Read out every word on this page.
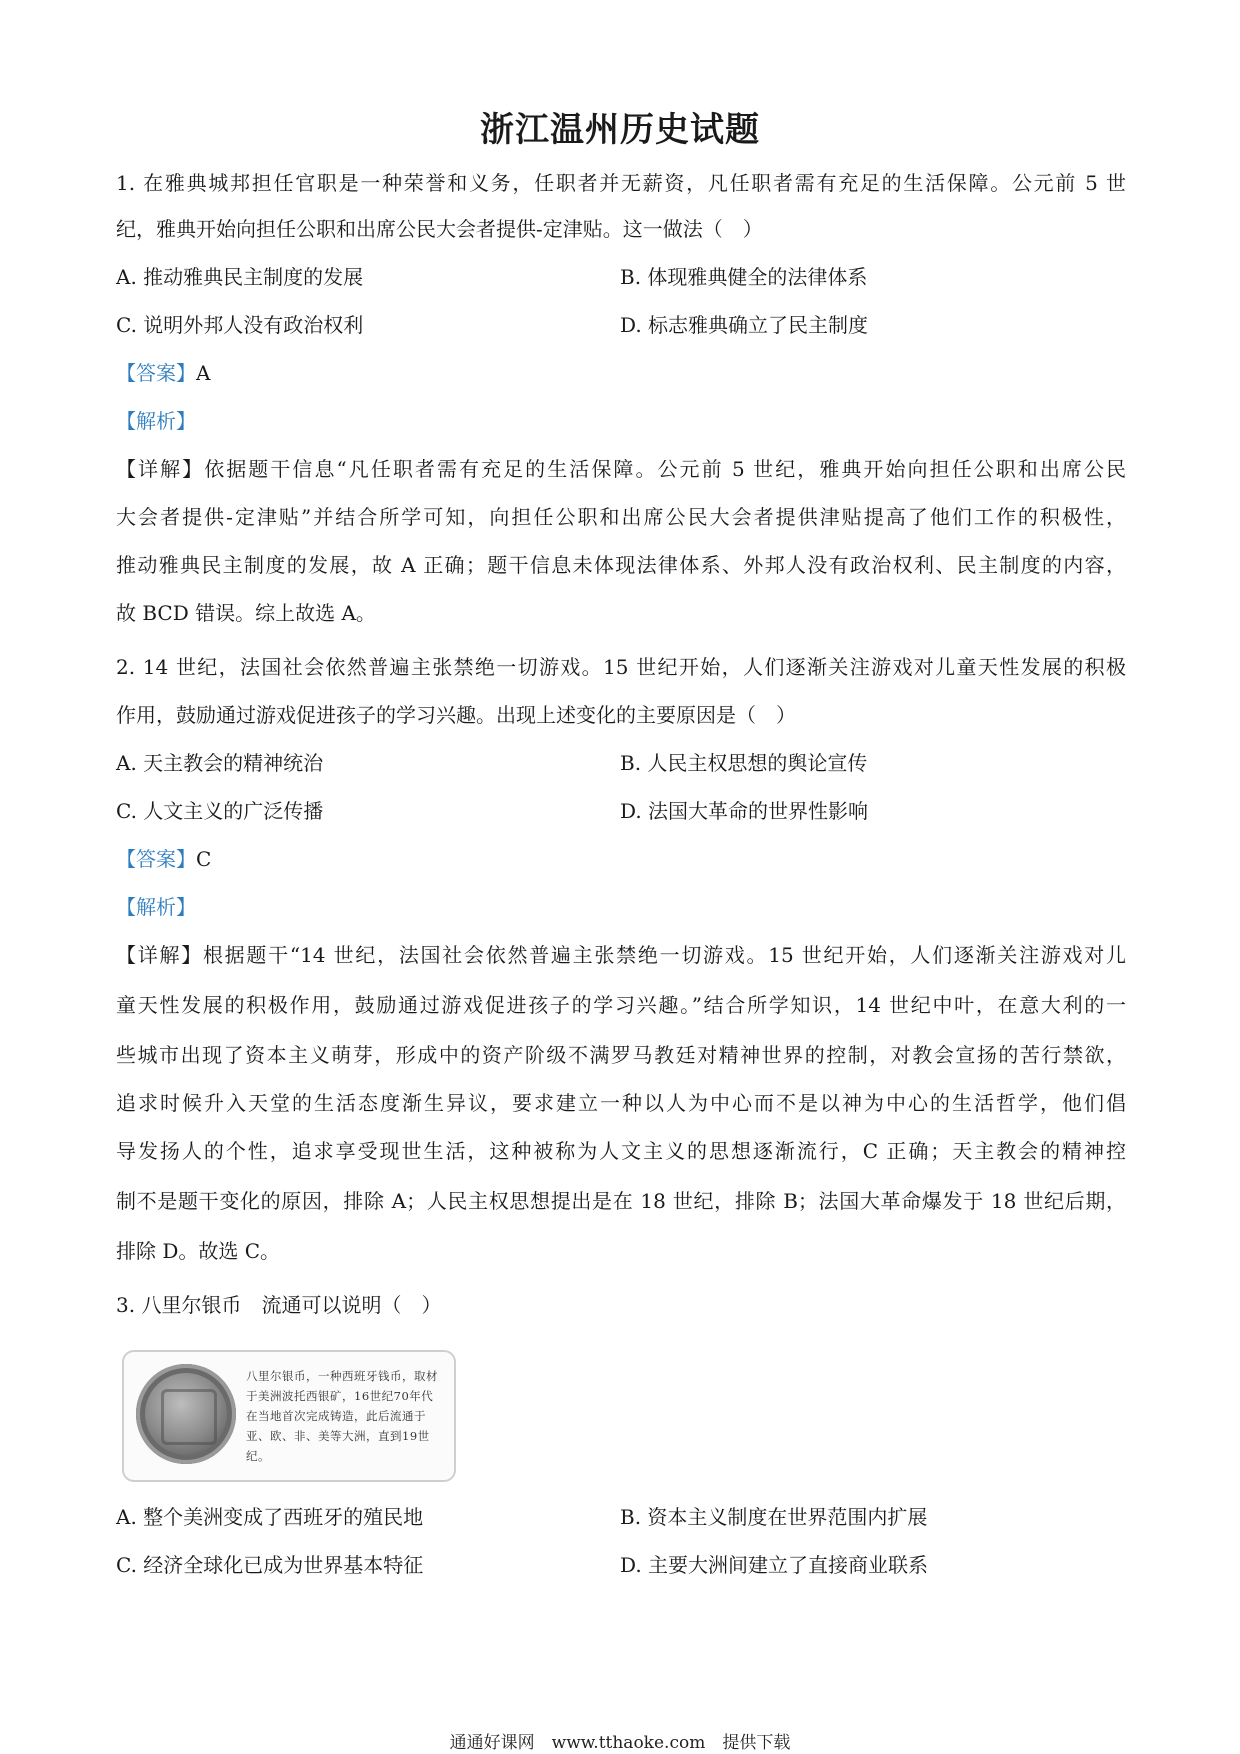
浙江温州历史试题
1. 在雅典城邦担任官职是一种荣誉和义务，任职者并无薪资，凡任职者需有充足的生活保障。公元前 5 世
纪，雅典开始向担任公职和出席公民大会者提供-定津贴。这一做法（　）
A. 推动雅典民主制度的发展	B. 体现雅典健全的法律体系
C. 说明外邦人没有政治权利	D. 标志雅典确立了民主制度
【答案】A
【解析】
【详解】依据题干信息“凡任职者需有充足的生活保障。公元前 5 世纪，雅典开始向担任公职和出席公民
大会者提供-定津贴”并结合所学可知，向担任公职和出席公民大会者提供津贴提高了他们工作的积极性，
推动雅典民主制度的发展，故 A 正确；题干信息未体现法律体系、外邦人没有政治权利、民主制度的内容，
故 BCD 错误。综上故选 A。
2. 14 世纪，法国社会依然普遍主张禁绝一切游戏。15 世纪开始，人们逐渐关注游戏对儿童天性发展的积极
作用，鼓励通过游戏促进孩子的学习兴趣。出现上述变化的主要原因是（　）
A. 天主教会的精神统治	B. 人民主权思想的舆论宣传
C. 人文主义的广泛传播	D. 法国大革命的世界性影响
【答案】C
【解析】
【详解】根据题干“14 世纪，法国社会依然普遍主张禁绝一切游戏。15 世纪开始，人们逐渐关注游戏对儿
童天性发展的积极作用，鼓励通过游戏促进孩子的学习兴趣。”结合所学知识，14 世纪中叶，在意大利的一
些城市出现了资本主义萌芽，形成中的资产阶级不满罗马教廷对精神世界的控制，对教会宣扬的苦行禁欲，
追求时候升入天堂的生活态度渐生异议，要求建立一种以人为中心而不是以神为中心的生活哲学，他们倡
导发扬人的个性，追求享受现世生活，这种被称为人文主义的思想逐渐流行，C 正确；天主教会的精神控
制不是题干变化的原因，排除 A；人民主权思想提出是在 18 世纪，排除 B；法国大革命爆发于 18 世纪后期，
排除 D。故选 C。
3. 八里尔银币　流通可以说明（　）
八里尔银币，一种西班牙钱币，取材于美洲波托西银矿，16世纪70年代在当地首次完成铸造，此后流通于亚、欧、非、美等大洲，直到19世纪。
A. 整个美洲变成了西班牙的殖民地	B. 资本主义制度在世界范围内扩展
C. 经济全球化已成为世界基本特征	D. 主要大洲间建立了直接商业联系
通通好课网　www.tthaoke.com　提供下载
